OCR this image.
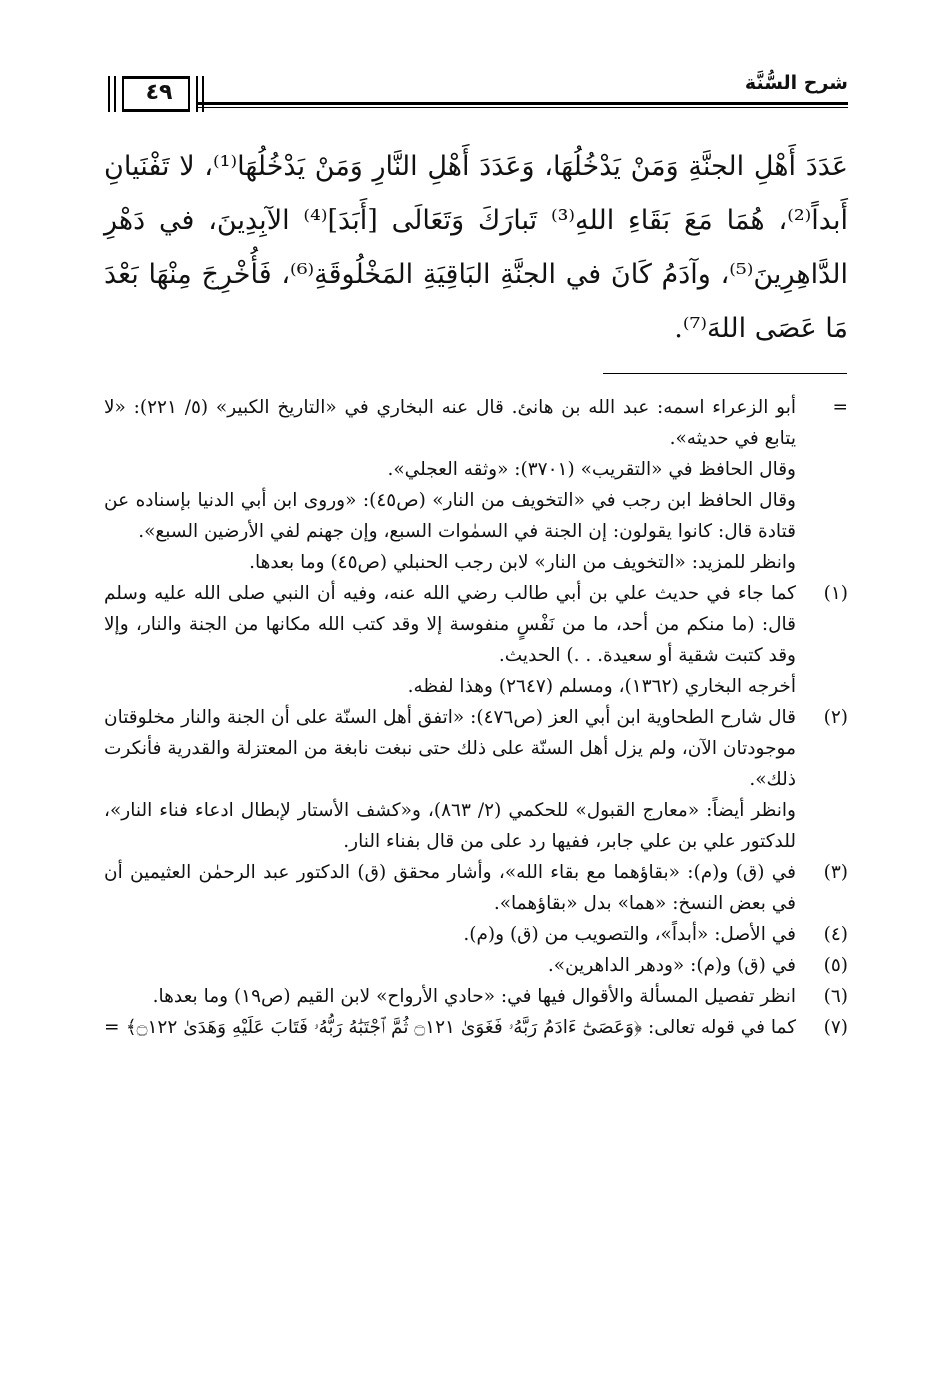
شرح السُّنَّة
٤٩

عَدَدَ أَهْلِ الجنَّةِ وَمَنْ يَدْخُلُهَا، وَعَدَدَ أَهْلِ النَّارِ وَمَنْ يَدْخُلُهَا⁽¹⁾، لا تَفْنَيانِ أَبداً⁽²⁾، هُمَا مَعَ بَقَاءِ اللهِ⁽³⁾ تَبارَكَ وَتَعَالَى [أَبَدَ]⁽⁴⁾ الآبِدِينَ، في دَهْرِ الدَّاهِرِينَ⁽⁵⁾، وآدَمُ كَانَ في الجنَّةِ البَاقِيَةِ المَخْلُوقَةِ⁽⁶⁾، فَأُخْرِجَ مِنْهَا بَعْدَ مَا عَصَى اللهَ⁽⁷⁾.

=

أبو الزعراء اسمه: عبد الله بن هانئ. قال عنه البخاري في «التاريخ الكبير» (٥/ ٢٢١): «لا يتابع في حديثه».

وقال الحافظ في «التقريب» (٣٧٠١): «وثقه العجلي».

وقال الحافظ ابن رجب في «التخويف من النار» (ص٤٥): «وروى ابن أبي الدنيا بإسناده عن قتادة قال: كانوا يقولون: إن الجنة في السمٰوات السبع، وإن جهنم لفي الأرضين السبع».

وانظر للمزيد: «التخويف من النار» لابن رجب الحنبلي (ص٤٥) وما بعدها.

(١)

كما جاء في حديث علي بن أبي طالب رضي الله عنه، وفيه أن النبي صلى الله عليه وسلم قال: (ما منكم من أحد، ما من نَفْسٍ منفوسة إلا وقد كتب الله مكانها من الجنة والنار، وإلا وقد كتبت شقية أو سعيدة. . .) الحديث.

أخرجه البخاري (١٣٦٢)، ومسلم (٢٦٤٧) وهذا لفظه.

(٢)

قال شارح الطحاوية ابن أبي العز (ص٤٧٦): «اتفق أهل السنّة على أن الجنة والنار مخلوقتان موجودتان الآن، ولم يزل أهل السنّة على ذلك حتى نبغت نابغة من المعتزلة والقدرية فأنكرت ذلك».

وانظر أيضاً: «معارج القبول» للحكمي (٢/ ٨٦٣)، و«كشف الأستار لإبطال ادعاء فناء النار»، للدكتور علي بن علي جابر، ففيها رد على من قال بفناء النار.

(٣)

في (ق) و(م): «بقاؤهما مع بقاء الله»، وأشار محقق (ق) الدكتور عبد الرحمٰن العثيمين أن في بعض النسخ: «هما» بدل «بقاؤهما».

(٤)

في الأصل: «أبداً»، والتصويب من (ق) و(م).

(٥)

في (ق) و(م): «ودهر الداهرين».

(٦)

انظر تفصيل المسألة والأقوال فيها في: «حادي الأرواح» لابن القيم (ص١٩) وما بعدها.

(٧)

كما في قوله تعالى: ﴿وَعَصَىٰٓ ءَادَمُ رَبَّهُۥ فَغَوَىٰ ۝١٢١ ثُمَّ ٱجْتَبَٰهُ رَبُّهُۥ فَتَابَ عَلَيْهِ وَهَدَىٰ ۝١٢٢﴾

=
